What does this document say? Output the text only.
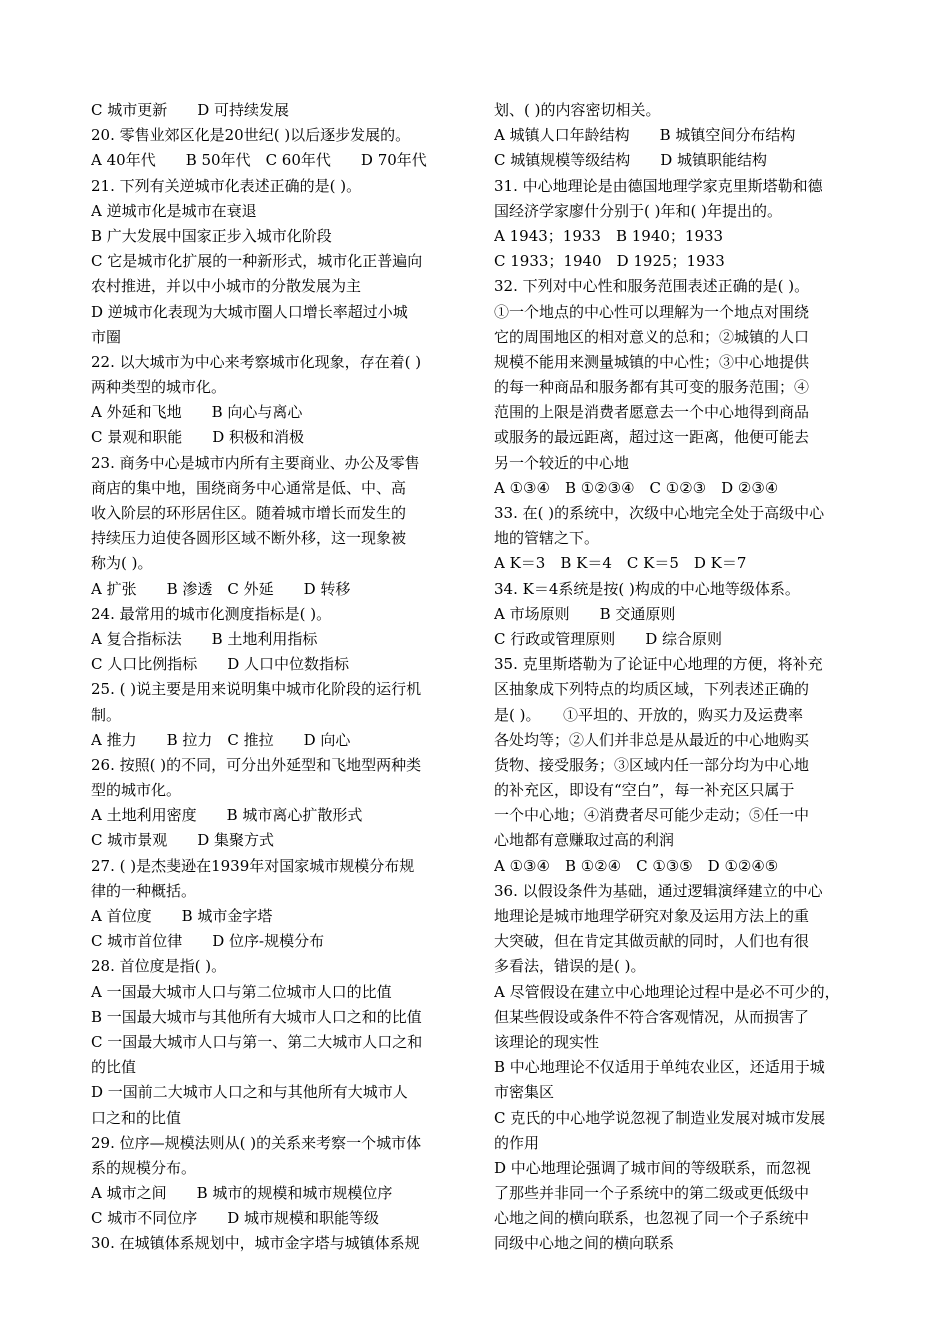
C 城市更新　　D 可持续发展
20. 零售业郊区化是20世纪( )以后逐步发展的。
A 40年代　　B 50年代　C 60年代　　D 70年代
21. 下列有关逆城市化表述正确的是( )。
A 逆城市化是城市在衰退
B 广大发展中国家正步入城市化阶段
C 它是城市化扩展的一种新形式，城市化正普遍向
农村推进，并以中小城市的分散发展为主
D 逆城市化表现为大城市圈人口增长率超过小城
市圈
22. 以大城市为中心来考察城市化现象，存在着( )
两种类型的城市化。
A 外延和飞地　　B 向心与离心
C 景观和职能　　D 积极和消极
23. 商务中心是城市内所有主要商业、办公及零售
商店的集中地，围绕商务中心通常是低、中、高
收入阶层的环形居住区。随着城市增长而发生的
持续压力迫使各圆形区域不断外移，这一现象被
称为( )。
A 扩张　　B 渗透　C 外延　　D 转移
24. 最常用的城市化测度指标是( )。
A 复合指标法　　B 土地利用指标
C 人口比例指标　　D 人口中位数指标
25. ( )说主要是用来说明集中城市化阶段的运行机
制。
A 推力　　B 拉力　C 推拉　　D 向心
26. 按照( )的不同，可分出外延型和飞地型两种类
型的城市化。
A 土地利用密度　　B 城市离心扩散形式
C 城市景观　　D 集聚方式
27. ( )是杰斐逊在1939年对国家城市规模分布规
律的一种概括。
A 首位度　　B 城市金字塔
C 城市首位律　　D 位序-规模分布
28. 首位度是指( )。
A 一国最大城市人口与第二位城市人口的比值
B 一国最大城市与其他所有大城市人口之和的比值
C 一国最大城市人口与第一、第二大城市人口之和
的比值
D 一国前二大城市人口之和与其他所有大城市人
口之和的比值
29. 位序—规模法则从( )的关系来考察一个城市体
系的规模分布。
A 城市之间　　B 城市的规模和城市规模位序
C 城市不同位序　　D 城市规模和职能等级
30. 在城镇体系规划中，城市金字塔与城镇体系规
划、( )的内容密切相关。
A 城镇人口年龄结构　　B 城镇空间分布结构
C 城镇规模等级结构　　D 城镇职能结构
31. 中心地理论是由德国地理学家克里斯塔勒和德
国经济学家廖什分别于( )年和( )年提出的。
A 1943；1933　B 1940；1933
C 1933；1940　D 1925；1933
32. 下列对中心性和服务范围表述正确的是( )。
①一个地点的中心性可以理解为一个地点对围绕
它的周围地区的相对意义的总和；②城镇的人口
规模不能用来测量城镇的中心性；③中心地提供
的每一种商品和服务都有其可变的服务范围；④
范围的上限是消费者愿意去一个中心地得到商品
或服务的最远距离，超过这一距离，他便可能去
另一个较近的中心地
A ①③④　B ①②③④　C ①②③　D ②③④
33. 在( )的系统中，次级中心地完全处于高级中心
地的管辖之下。
A K＝3　B K＝4　C K＝5　D K＝7
34. K＝4系统是按( )构成的中心地等级体系。
A 市场原则　　B 交通原则
C 行政或管理原则　　D 综合原则
35. 克里斯塔勒为了论证中心地理的方便，将补充
区抽象成下列特点的均质区域，下列表述正确的
是( )。　　①平坦的、开放的，购买力及运费率
各处均等；②人们并非总是从最近的中心地购买
货物、接受服务；③区域内任一部分均为中心地
的补充区，即设有“空白”，每一补充区只属于
一个中心地；④消费者尽可能少走动；⑤任一中
心地都有意赚取过高的利润
A ①③④　B ①②④　C ①③⑤　D ①②④⑤
36. 以假设条件为基础，通过逻辑演绎建立的中心
地理论是城市地理学研究对象及运用方法上的重
大突破，但在肯定其做贡献的同时，人们也有很
多看法，错误的是( )。
A 尽管假设在建立中心地理论过程中是必不可少的，
但某些假设或条件不符合客观情况，从而损害了
该理论的现实性
B 中心地理论不仅适用于单纯农业区，还适用于城
市密集区
C 克氏的中心地学说忽视了制造业发展对城市发展
的作用
D 中心地理论强调了城市间的等级联系，而忽视
了那些并非同一个子系统中的第二级或更低级中
心地之间的横向联系，也忽视了同一个子系统中
同级中心地之间的横向联系
